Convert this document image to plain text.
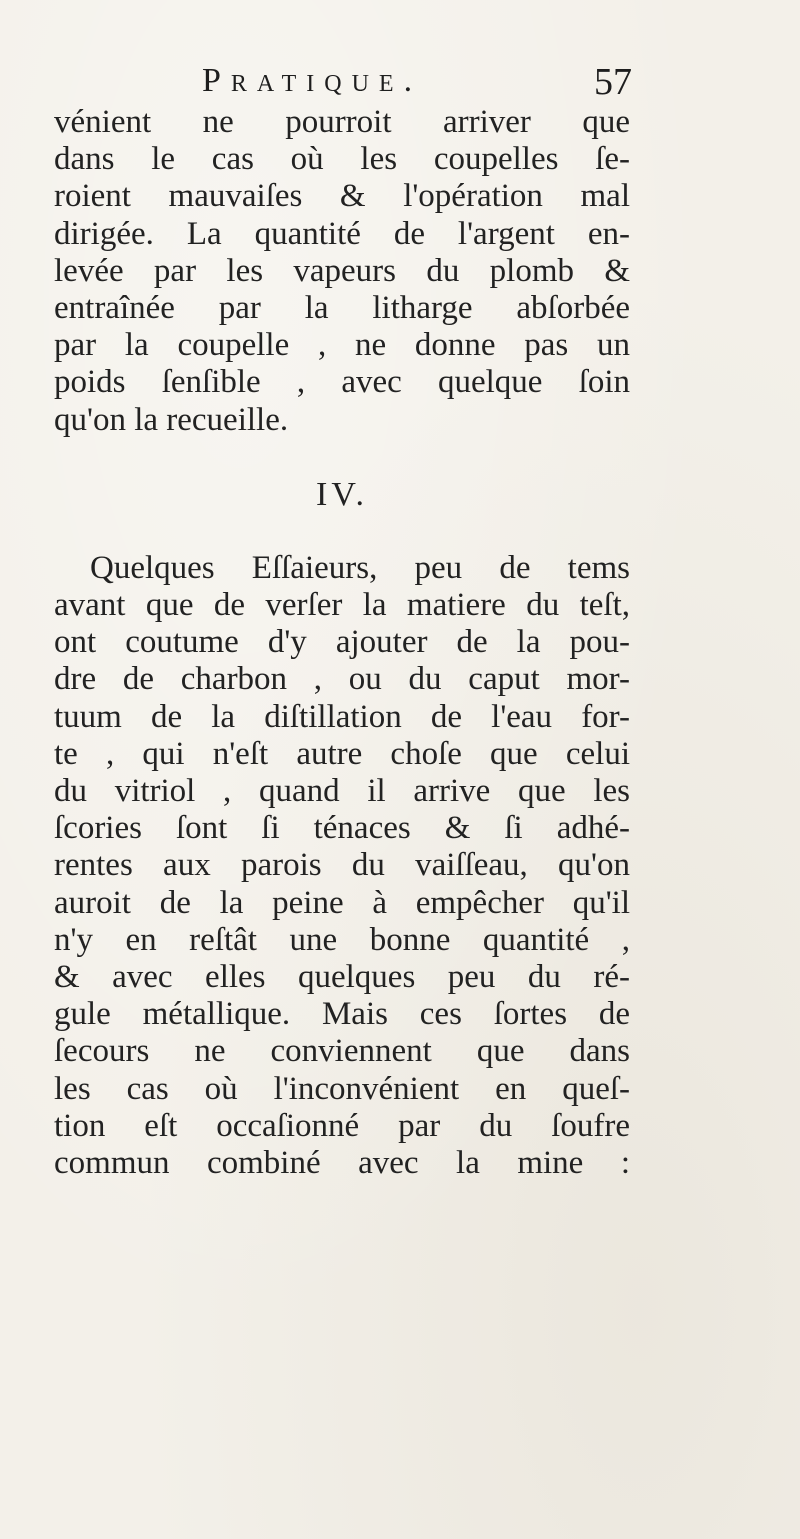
Pratique.	57
vénient ne pourroit arriver que
dans le cas où les coupelles ſe-
roient mauvaiſes & l'opération mal
dirigée. La quantité de l'argent en-
levée par les vapeurs du plomb &
entraînée par la litharge abſorbée
par la coupelle , ne donne pas un
poids ſenſible , avec quelque ſoin
qu'on la recueille.
IV.
Quelques Eſſaieurs, peu de tems
avant que de verſer la matiere du teſt,
ont coutume d'y ajouter de la pou-
dre de charbon , ou du caput mor-
tuum de la diſtillation de l'eau for-
te , qui n'eſt autre choſe que celui
du vitriol , quand il arrive que les
ſcories ſont ſi ténaces & ſi adhé-
rentes aux parois du vaiſſeau, qu'on
auroit de la peine à empêcher qu'il
n'y en reſtât une bonne quantité ,
& avec elles quelques peu du ré-
gule métallique. Mais ces ſortes de
ſecours ne conviennent que dans
les cas où l'inconvénient en queſ-
tion eſt occaſionné par du ſoufre
commun combiné avec la mine :
